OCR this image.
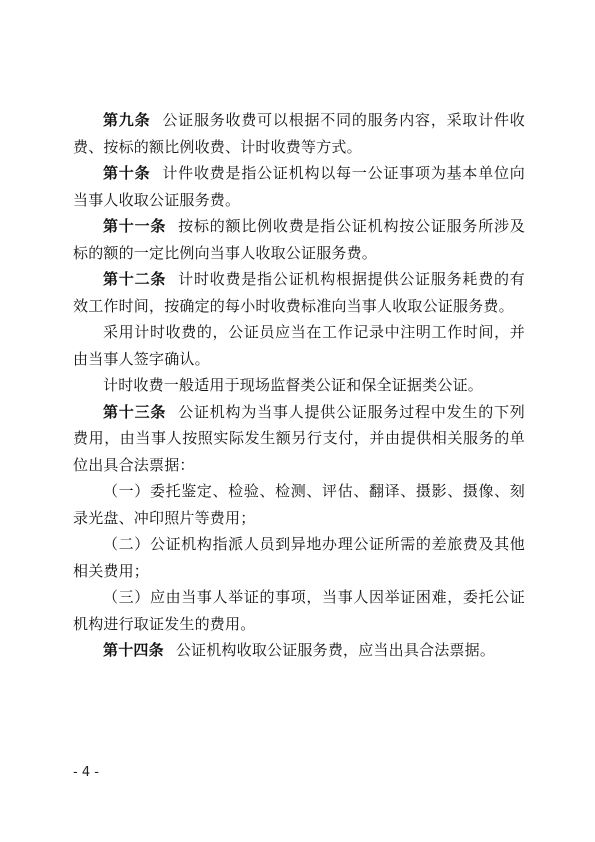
第九条 公证服务收费可以根据不同的服务内容，采取计件收费、按标的额比例收费、计时收费等方式。

第十条 计件收费是指公证机构以每一公证事项为基本单位向当事人收取公证服务费。

第十一条 按标的额比例收费是指公证机构按公证服务所涉及标的额的一定比例向当事人收取公证服务费。

第十二条 计时收费是指公证机构根据提供公证服务耗费的有效工作时间，按确定的每小时收费标准向当事人收取公证服务费。

采用计时收费的，公证员应当在工作记录中注明工作时间，并由当事人签字确认。

计时收费一般适用于现场监督类公证和保全证据类公证。

第十三条 公证机构为当事人提供公证服务过程中发生的下列费用，由当事人按照实际发生额另行支付，并由提供相关服务的单位出具合法票据：

（一）委托鉴定、检验、检测、评估、翻译、摄影、摄像、刻录光盘、冲印照片等费用；

（二）公证机构指派人员到异地办理公证所需的差旅费及其他相关费用；

（三）应由当事人举证的事项，当事人因举证困难，委托公证机构进行取证发生的费用。

第十四条 公证机构收取公证服务费，应当出具合法票据。

- 4 -
